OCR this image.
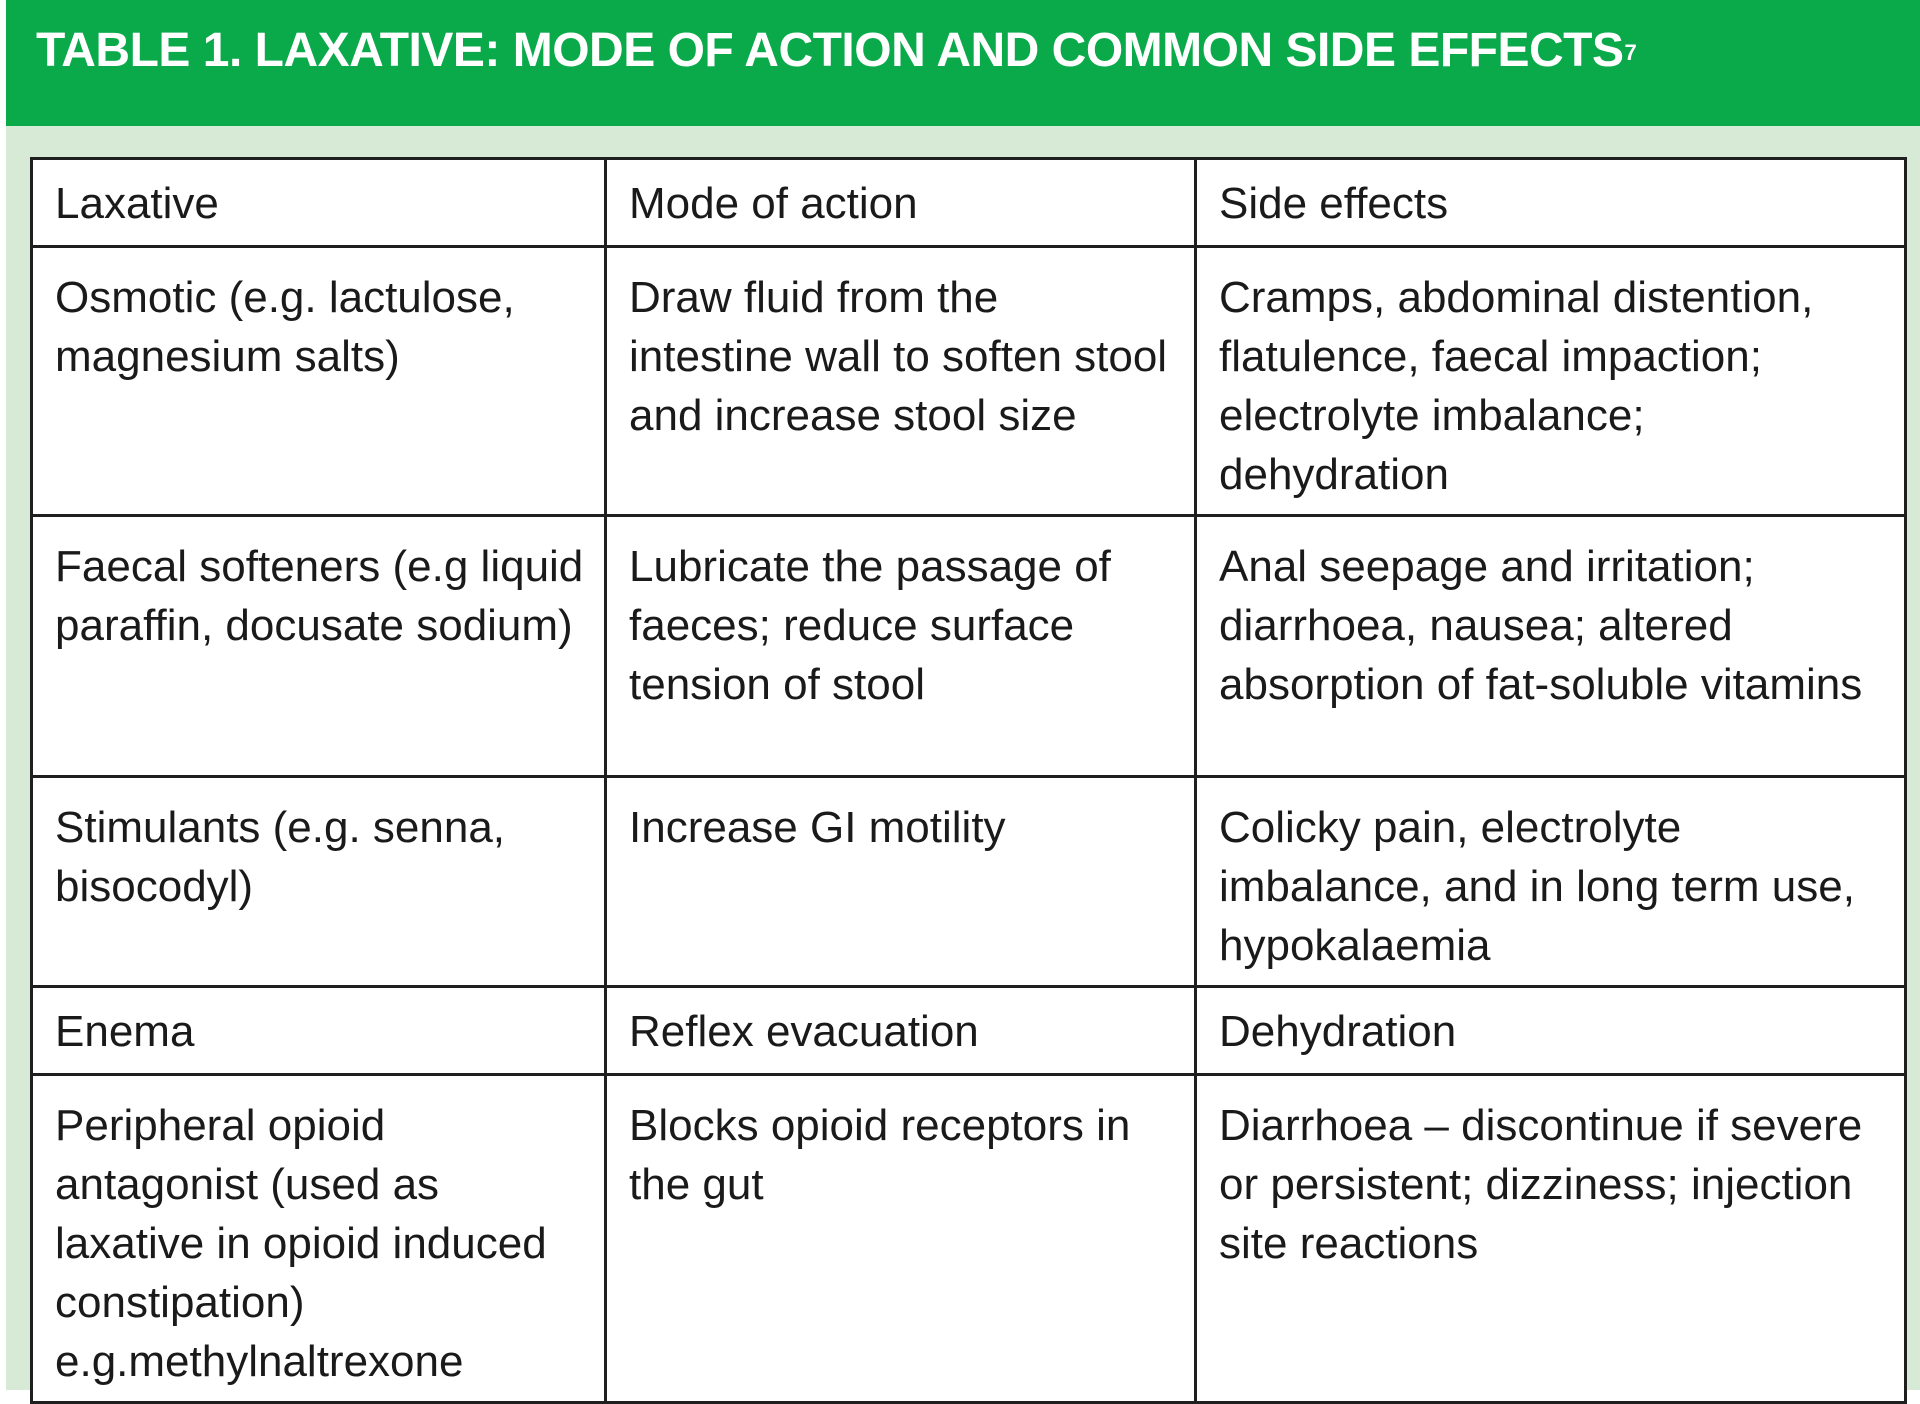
TABLE 1. LAXATIVE: MODE OF ACTION AND COMMON SIDE EFFECTS$^7$
Laxative	Mode of action	Side effects
Osmotic (e.g. lactulose, magnesium salts)	Draw fluid from the intestine wall to soften stool and increase stool size	Cramps, abdominal distention, flatulence, faecal impaction; electrolyte imbalance; dehydration
Faecal softeners (e.g liquid paraffin, docusate sodium)	Lubricate the passage of faeces; reduce surface tension of stool	Anal seepage and irritation; diarrhoea, nausea; altered absorption of fat-soluble vitamins
Stimulants (e.g. senna, bisocodyl)	Increase GI motility	Colicky pain, electrolyte imbalance, and in long term use, hypokalaemia
Enema	Reflex evacuation	Dehydration
Peripheral opioid antagonist (used as laxative in opioid induced constipation) e.g.methylnaltrexone	Blocks opioid receptors in the gut	Diarrhoea – discontinue if severe or persistent; dizziness; injection site reactions
